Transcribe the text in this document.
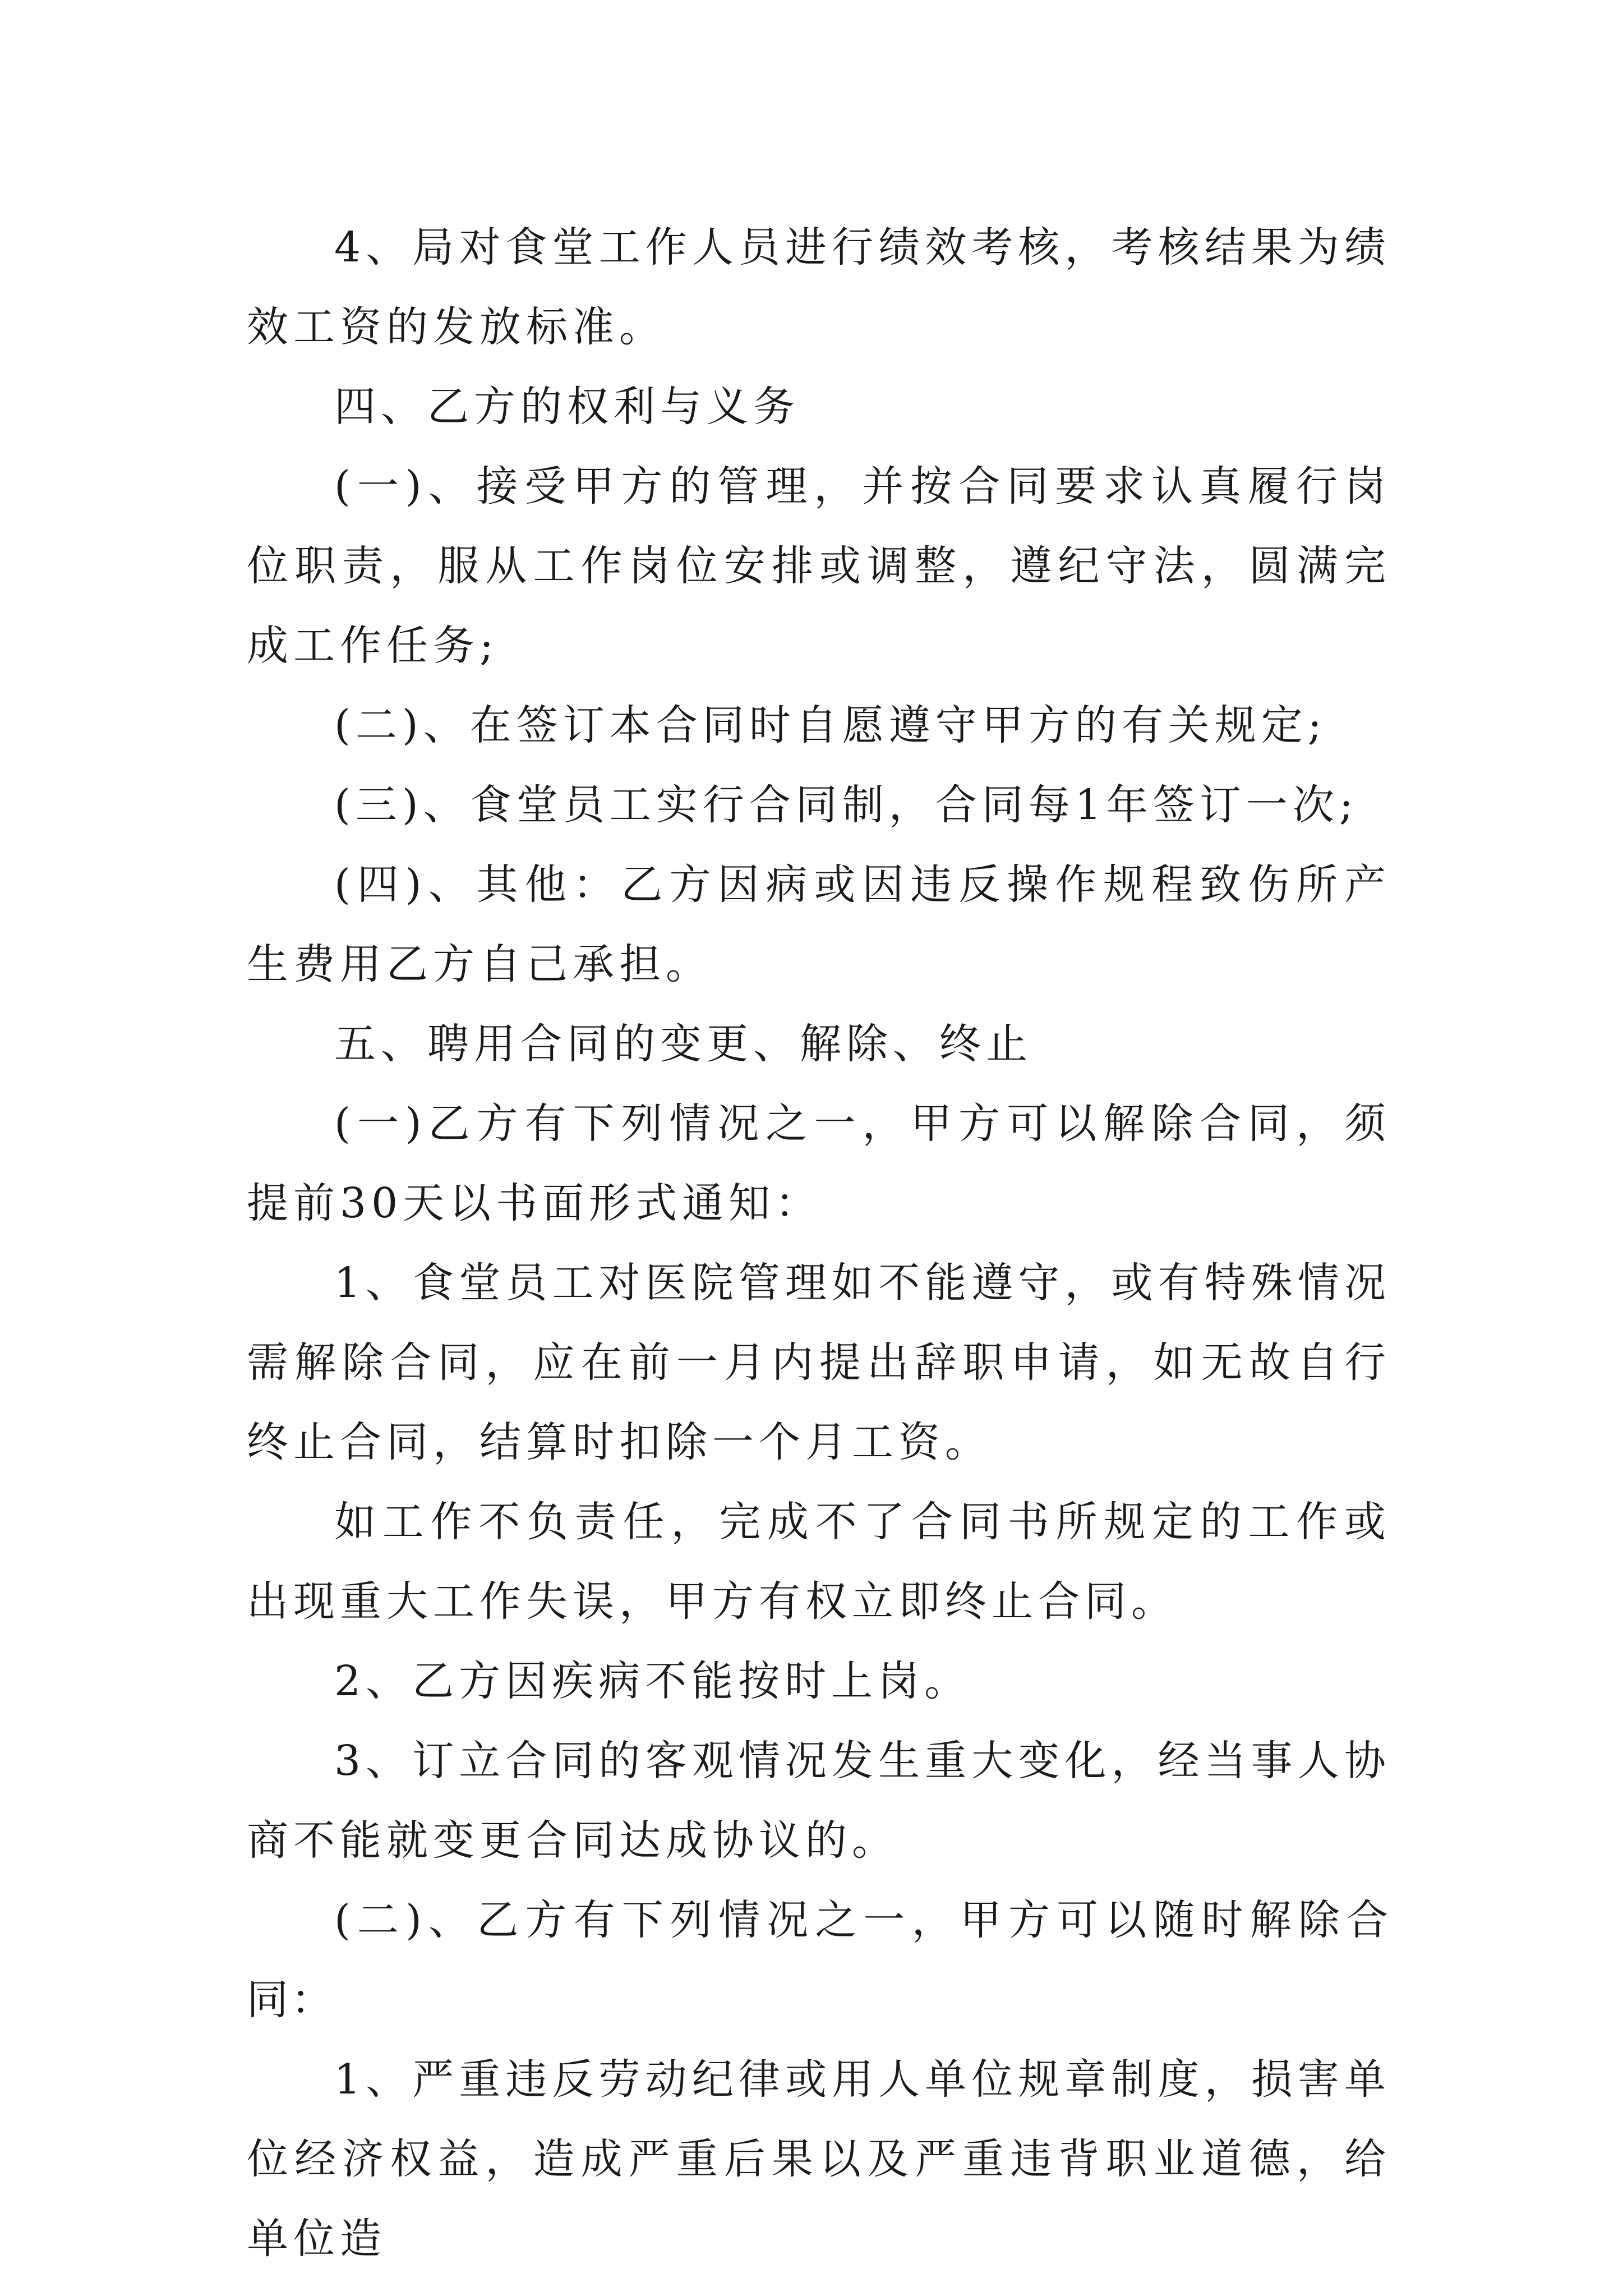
4、局对食堂工作人员进行绩效考核，考核结果为绩效工资的发放标准。

四、乙方的权利与义务

(一)、接受甲方的管理，并按合同要求认真履行岗位职责，服从工作岗位安排或调整，遵纪守法，圆满完成工作任务;

(二)、在签订本合同时自愿遵守甲方的有关规定;

(三)、食堂员工实行合同制，合同每1年签订一次;

(四)、其他：乙方因病或因违反操作规程致伤所产生费用乙方自己承担。

五、聘用合同的变更、解除、终止

(一)乙方有下列情况之一，甲方可以解除合同，须提前30天以书面形式通知：

1、食堂员工对医院管理如不能遵守，或有特殊情况需解除合同，应在前一月内提出辞职申请，如无故自行终止合同，结算时扣除一个月工资。

如工作不负责任，完成不了合同书所规定的工作或出现重大工作失误，甲方有权立即终止合同。

2、乙方因疾病不能按时上岗。

3、订立合同的客观情况发生重大变化，经当事人协商不能就变更合同达成协议的。

(二)、乙方有下列情况之一，甲方可以随时解除合同：

1、严重违反劳动纪律或用人单位规章制度，损害单位经济权益，造成严重后果以及严重违背职业道德，给单位造
